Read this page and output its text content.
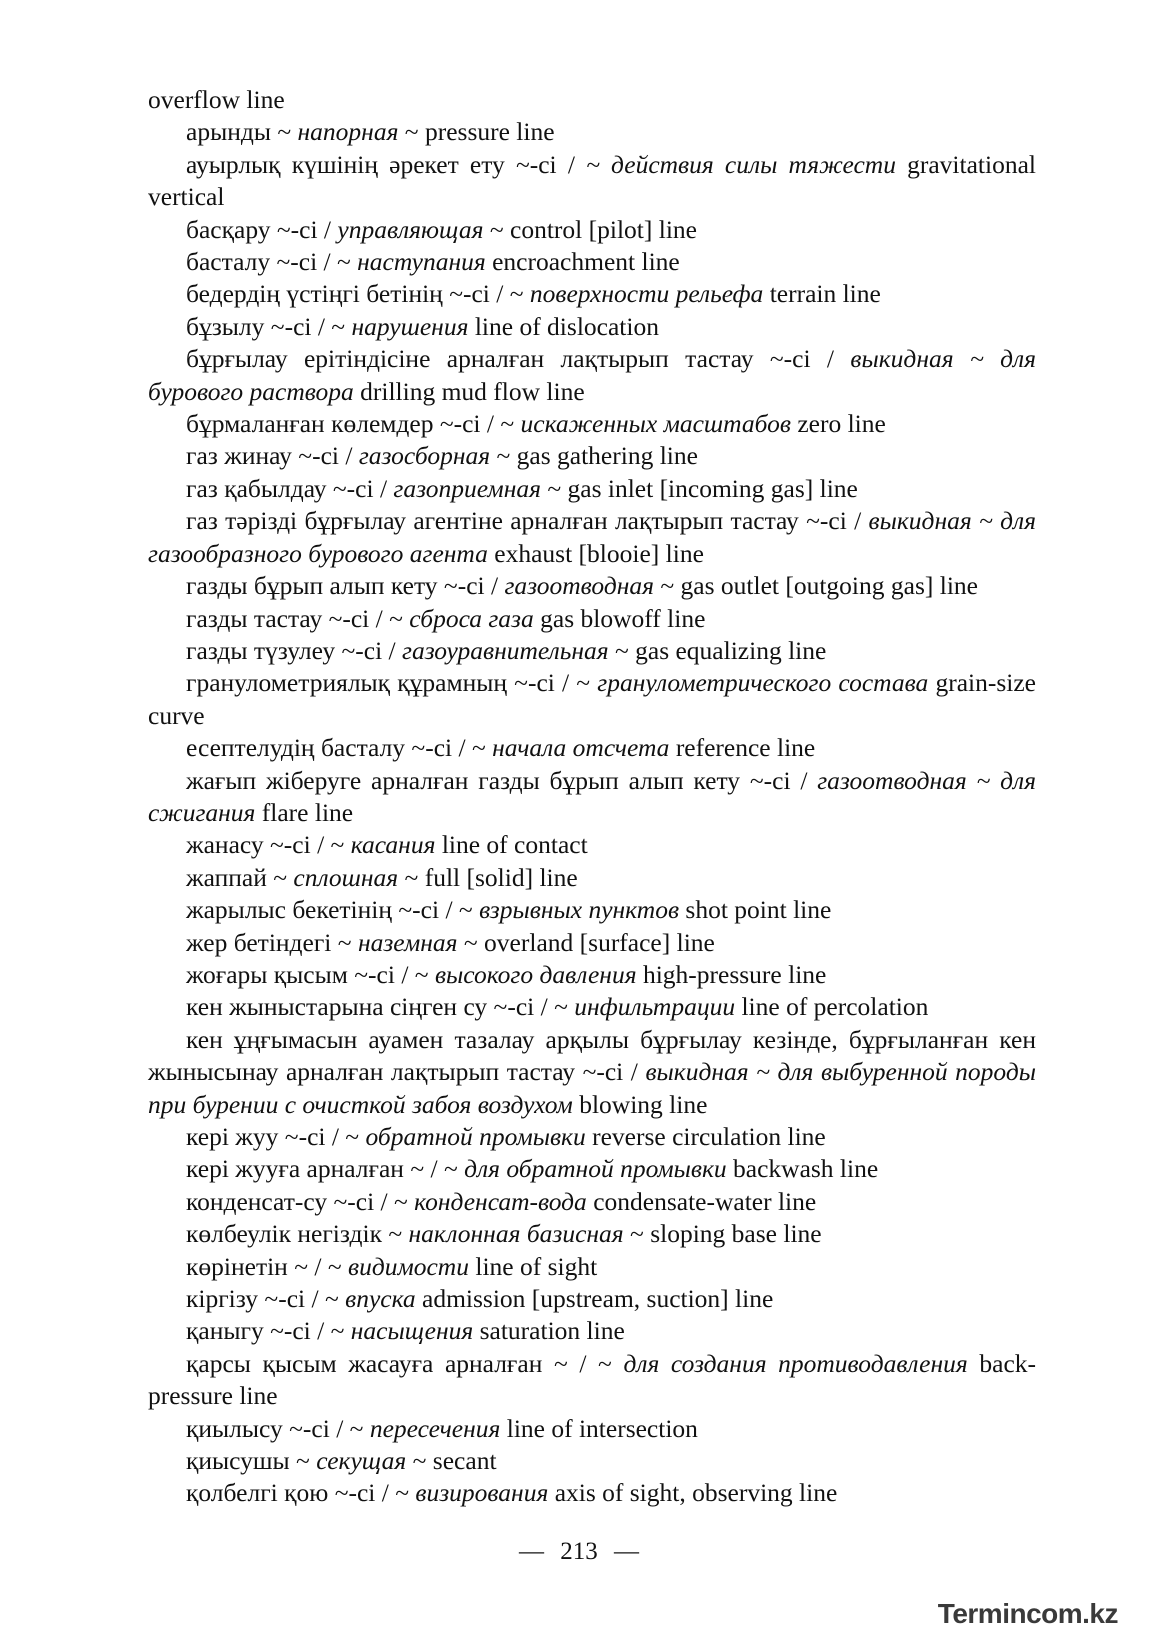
overflow line

арынды ~ напорная ~ pressure line

ауырлық күшінің әрекет ету ~-сі / ~ действия силы тяжести gravitational vertical

басқару ~-сі / управляющая ~ control [pilot] line

басталу ~-сі / ~ наступания encroachment line

бедердің үстіңгі бетінің ~-сі / ~ поверхности рельефа terrain line

бұзылу ~-сі / ~ нарушения line of dislocation

бұрғылау ерітіндісіне арналған лақтырып тастау ~-сі / выкидная ~ для бурового раствора drilling mud flow line

бұрмаланған көлемдер ~-сі / ~ искаженных масштабов zero line

газ жинау ~-сі / газосборная ~ gas gathering line

газ қабылдау ~-сі / газоприемная ~ gas inlet [incoming gas] line

газ тәрізді бұрғылау агентіне арналған лақтырып тастау ~-сі / выкидная ~ для газообразного бурового агента exhaust [blooie] line

газды бұрып алып кету ~-сі / газоотводная ~ gas outlet [outgoing gas] line

газды тастау ~-сі / ~ сброса газа gas blowoff line

газды түзулеу ~-сі / газоуравнительная ~ gas equalizing line

гранулометриялық құрамның ~-сі / ~ гранулометрического состава grain-size curve

есептелудің басталу ~-сі / ~ начала отсчета reference line

жағып жіберуге арналған газды бұрып алып кету ~-сі / газоотводная ~ для сжигания flare line

жанасу ~-сі / ~ касания line of contact

жаппай ~ сплошная ~ full [solid] line

жарылыс бекетінің ~-сі / ~ взрывных пунктов shot point line

жер бетіндегі ~ наземная ~ overland [surface] line

жоғары қысым ~-сі / ~ высокого давления high-pressure line

кен жыныстарына сіңген су ~-сі / ~ инфильтрации line of percolation

кен ұңғымасын ауамен тазалау арқылы бұрғылау кезінде, бұрғыланған кен жынысынау арналған лақтырып тастау ~-сі / выкидная ~ для выбуренной породы при бурении с очисткой забоя воздухом blowing line

кері жуу ~-сі / ~ обратной промывки reverse circulation line

кері жууға арналған ~ / ~ для обратной промывки backwash line

конденсат-су ~-сі / ~ конденсат-вода condensate-water line

көлбеулік негіздік ~ наклонная базисная ~ sloping base line

көрінетін ~ / ~ видимости line of sight

кіргізу ~-сі / ~ впуска admission [upstream, suction] line

қаныгу ~-сі / ~ насыщения saturation line

қарсы қысым жасауға арналған ~ / ~ для создания противодавления back-pressure line

қиылысу ~-сі / ~ пересечения line of intersection

қиысушы ~ секущая ~ secant

қолбелгі қою ~-сі / ~ визирования axis of sight, observing line

— 213 —
Termincom.kz
